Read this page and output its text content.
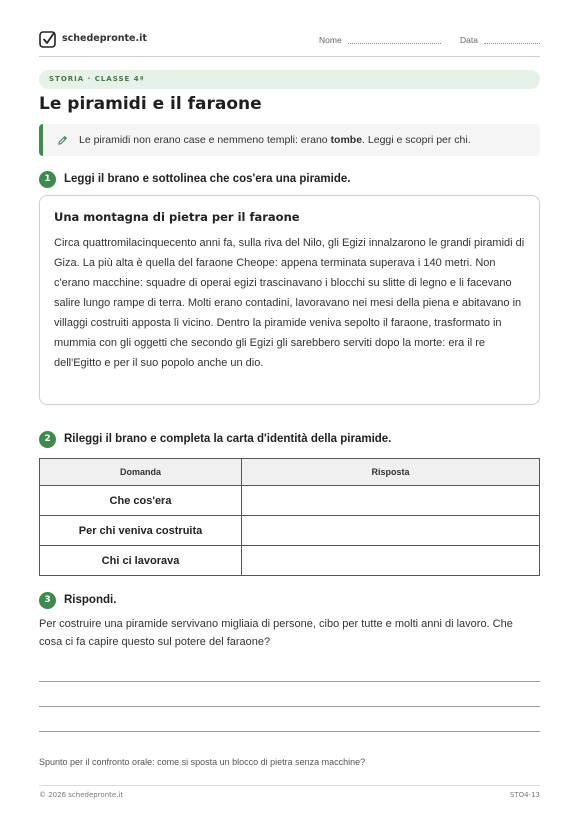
schedepronte.it	Nome	Data
STORIA · CLASSE 4ª
Le piramidi e il faraone
Le piramidi non erano case e nemmeno templi: erano tombe. Leggi e scopri per chi.
1	Leggi il brano e sottolinea che cos'era una piramide.
Una montagna di pietra per il faraone

Circa quattromilacinquecento anni fa, sulla riva del Nilo, gli Egizi innalzarono le grandi piramidi di Giza. La più alta è quella del faraone Cheope: appena terminata superava i 140 metri. Non c'erano macchine: squadre di operai egizi trascinavano i blocchi su slitte di legno e li facevano salire lungo rampe di terra. Molti erano contadini, lavoravano nei mesi della piena e abitavano in villaggi costruiti apposta lì vicino. Dentro la piramide veniva sepolto il faraone, trasformato in mummia con gli oggetti che secondo gli Egizi gli sarebbero serviti dopo la morte: era il re dell'Egitto e per il suo popolo anche un dio.

2	Rileggi il brano e completa la carta d'identità della piramide.
Domanda	Risposta
Che cos'era	
Per chi veniva costruita	
Chi ci lavorava	
3	Rispondi.

Per costruire una piramide servivano migliaia di persone, cibo per tutte e molti anni di lavoro. Che cosa ci fa capire questo sul potere del faraone?

Spunto per il confronto orale: come si sposta un blocco di pietra senza macchine?

© 2026 schedepronte.it	STO4-13
